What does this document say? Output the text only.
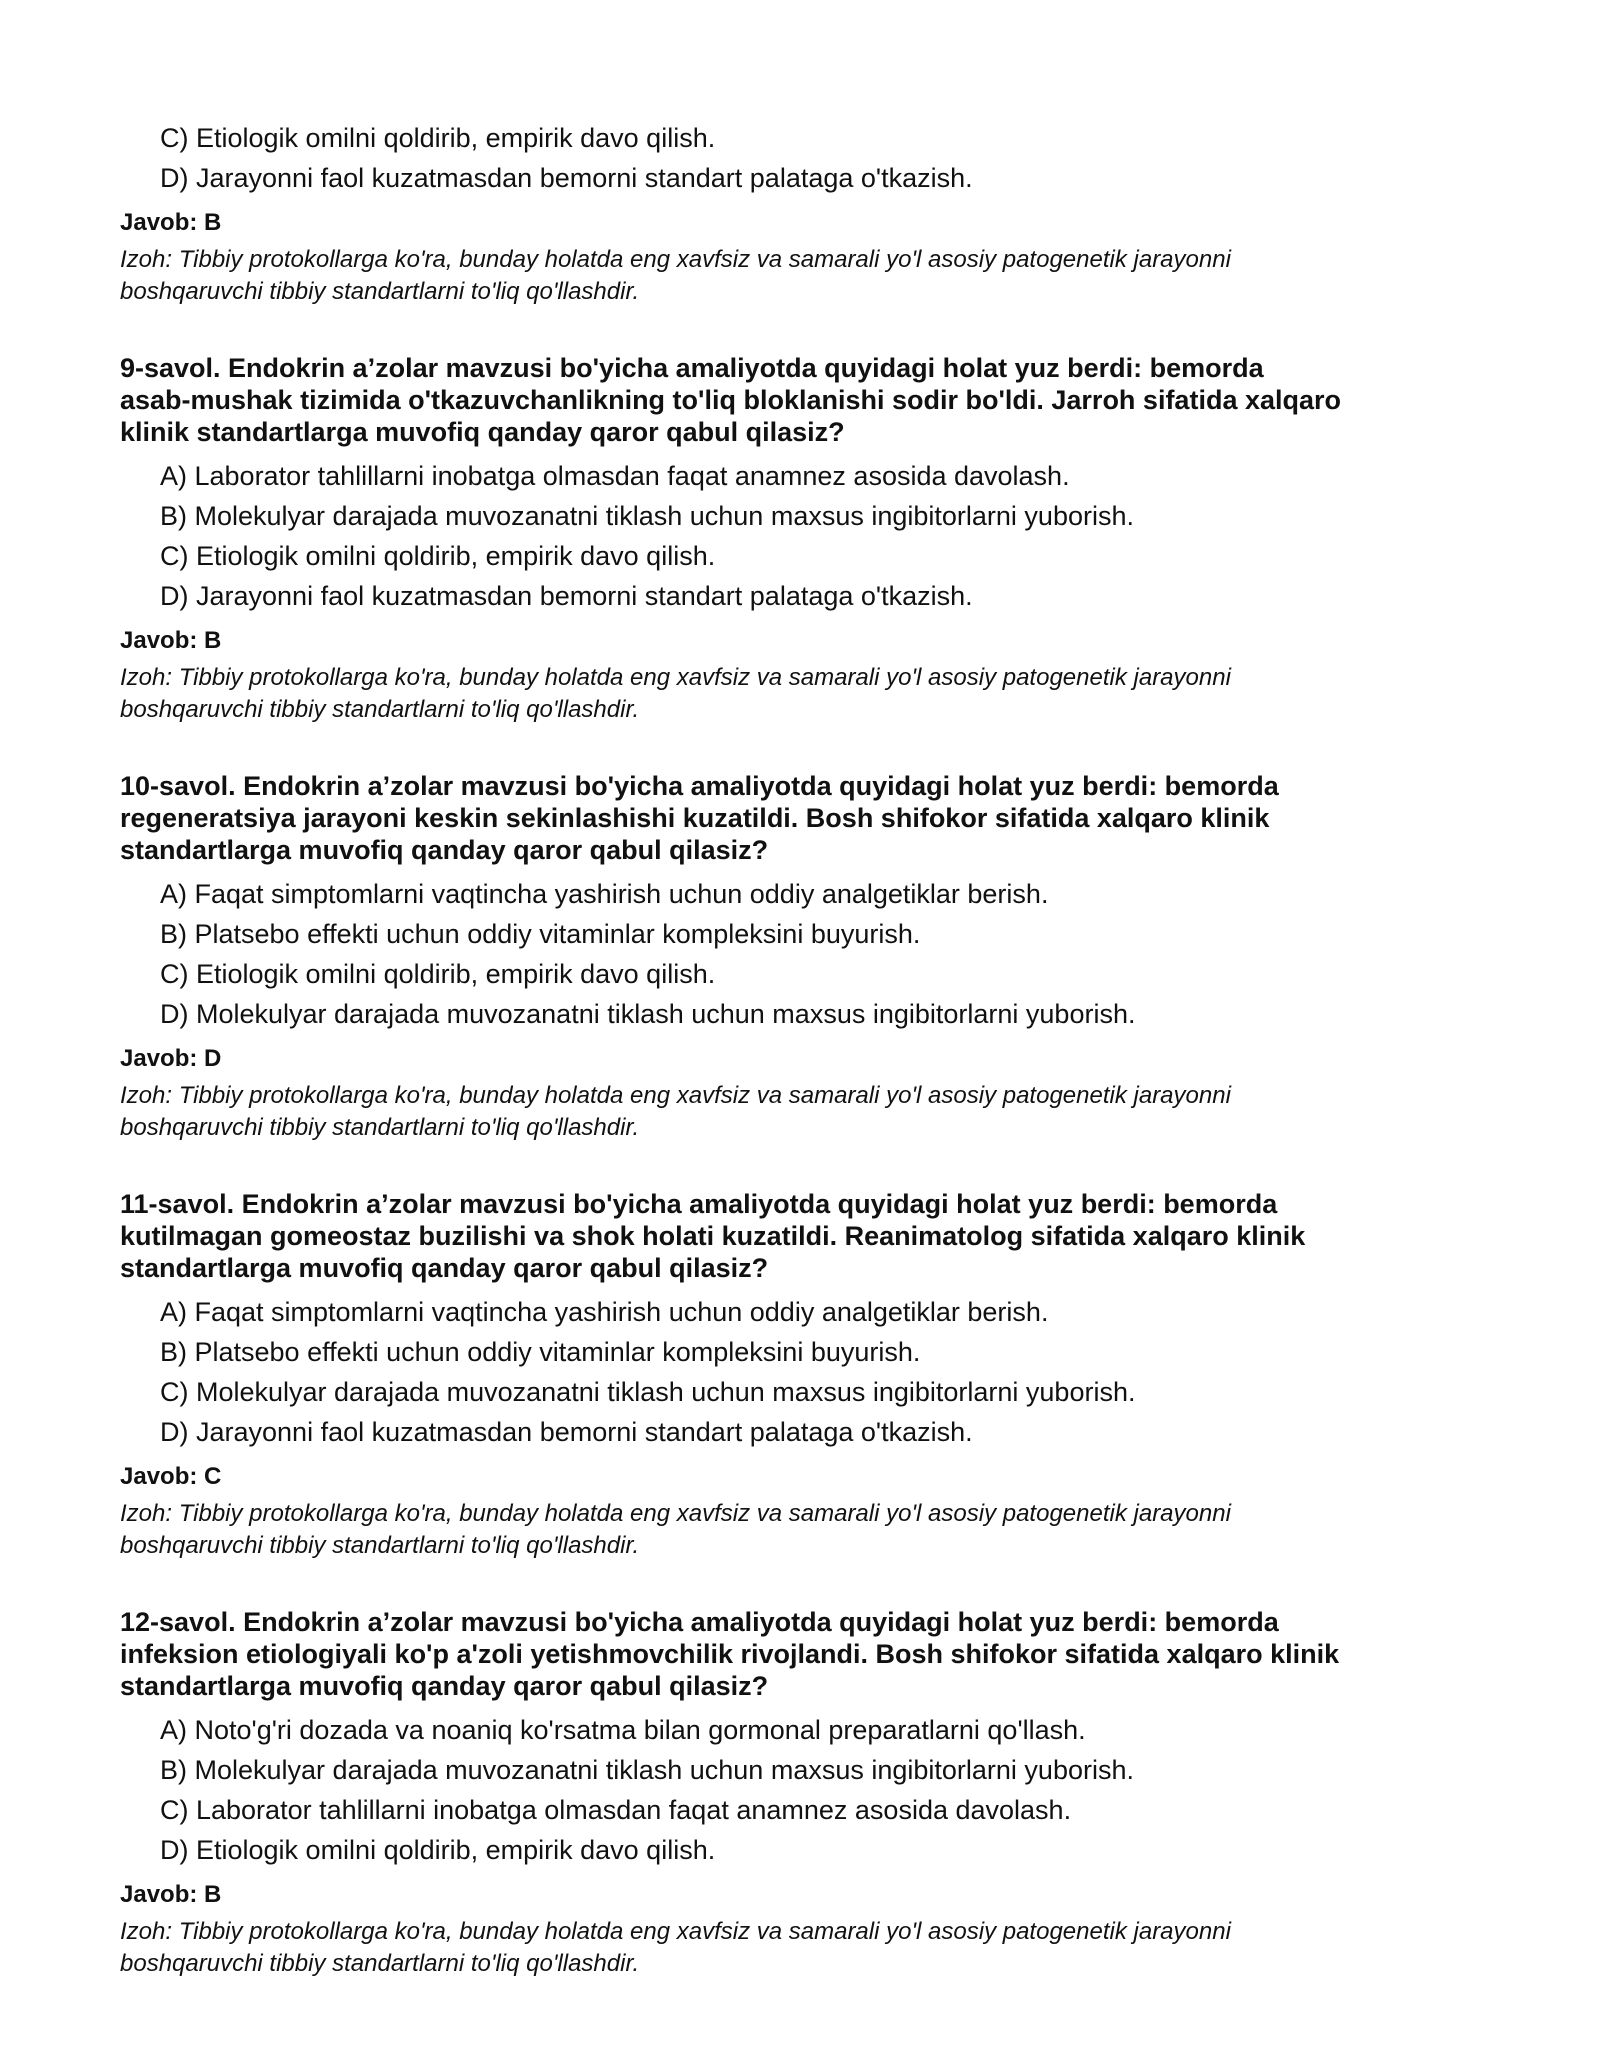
C) Etiologik omilni qoldirib, empirik davo qilish.
D) Jarayonni faol kuzatmasdan bemorni standart palataga o'tkazish.
Javob: B
Izoh: Tibbiy protokollarga ko'ra, bunday holatda eng xavfsiz va samarali yo'l asosiy patogenetik jarayonni
boshqaruvchi tibbiy standartlarni to'liq qo'llashdir.
9-savol. Endokrin a’zolar mavzusi bo'yicha amaliyotda quyidagi holat yuz berdi: bemorda
asab-mushak tizimida o'tkazuvchanlikning to'liq bloklanishi sodir bo'ldi. Jarroh sifatida xalqaro
klinik standartlarga muvofiq qanday qaror qabul qilasiz?
A) Laborator tahlillarni inobatga olmasdan faqat anamnez asosida davolash.
B) Molekulyar darajada muvozanatni tiklash uchun maxsus ingibitorlarni yuborish.
C) Etiologik omilni qoldirib, empirik davo qilish.
D) Jarayonni faol kuzatmasdan bemorni standart palataga o'tkazish.
Javob: B
Izoh: Tibbiy protokollarga ko'ra, bunday holatda eng xavfsiz va samarali yo'l asosiy patogenetik jarayonni
boshqaruvchi tibbiy standartlarni to'liq qo'llashdir.
10-savol. Endokrin a’zolar mavzusi bo'yicha amaliyotda quyidagi holat yuz berdi: bemorda
regeneratsiya jarayoni keskin sekinlashishi kuzatildi. Bosh shifokor sifatida xalqaro klinik
standartlarga muvofiq qanday qaror qabul qilasiz?
A) Faqat simptomlarni vaqtincha yashirish uchun oddiy analgetiklar berish.
B) Platsebo effekti uchun oddiy vitaminlar kompleksini buyurish.
C) Etiologik omilni qoldirib, empirik davo qilish.
D) Molekulyar darajada muvozanatni tiklash uchun maxsus ingibitorlarni yuborish.
Javob: D
Izoh: Tibbiy protokollarga ko'ra, bunday holatda eng xavfsiz va samarali yo'l asosiy patogenetik jarayonni
boshqaruvchi tibbiy standartlarni to'liq qo'llashdir.
11-savol. Endokrin a’zolar mavzusi bo'yicha amaliyotda quyidagi holat yuz berdi: bemorda
kutilmagan gomeostaz buzilishi va shok holati kuzatildi. Reanimatolog sifatida xalqaro klinik
standartlarga muvofiq qanday qaror qabul qilasiz?
A) Faqat simptomlarni vaqtincha yashirish uchun oddiy analgetiklar berish.
B) Platsebo effekti uchun oddiy vitaminlar kompleksini buyurish.
C) Molekulyar darajada muvozanatni tiklash uchun maxsus ingibitorlarni yuborish.
D) Jarayonni faol kuzatmasdan bemorni standart palataga o'tkazish.
Javob: C
Izoh: Tibbiy protokollarga ko'ra, bunday holatda eng xavfsiz va samarali yo'l asosiy patogenetik jarayonni
boshqaruvchi tibbiy standartlarni to'liq qo'llashdir.
12-savol. Endokrin a’zolar mavzusi bo'yicha amaliyotda quyidagi holat yuz berdi: bemorda
infeksion etiologiyali ko'p a'zoli yetishmovchilik rivojlandi. Bosh shifokor sifatida xalqaro klinik
standartlarga muvofiq qanday qaror qabul qilasiz?
A) Noto'g'ri dozada va noaniq ko'rsatma bilan gormonal preparatlarni qo'llash.
B) Molekulyar darajada muvozanatni tiklash uchun maxsus ingibitorlarni yuborish.
C) Laborator tahlillarni inobatga olmasdan faqat anamnez asosida davolash.
D) Etiologik omilni qoldirib, empirik davo qilish.
Javob: B
Izoh: Tibbiy protokollarga ko'ra, bunday holatda eng xavfsiz va samarali yo'l asosiy patogenetik jarayonni
boshqaruvchi tibbiy standartlarni to'liq qo'llashdir.
